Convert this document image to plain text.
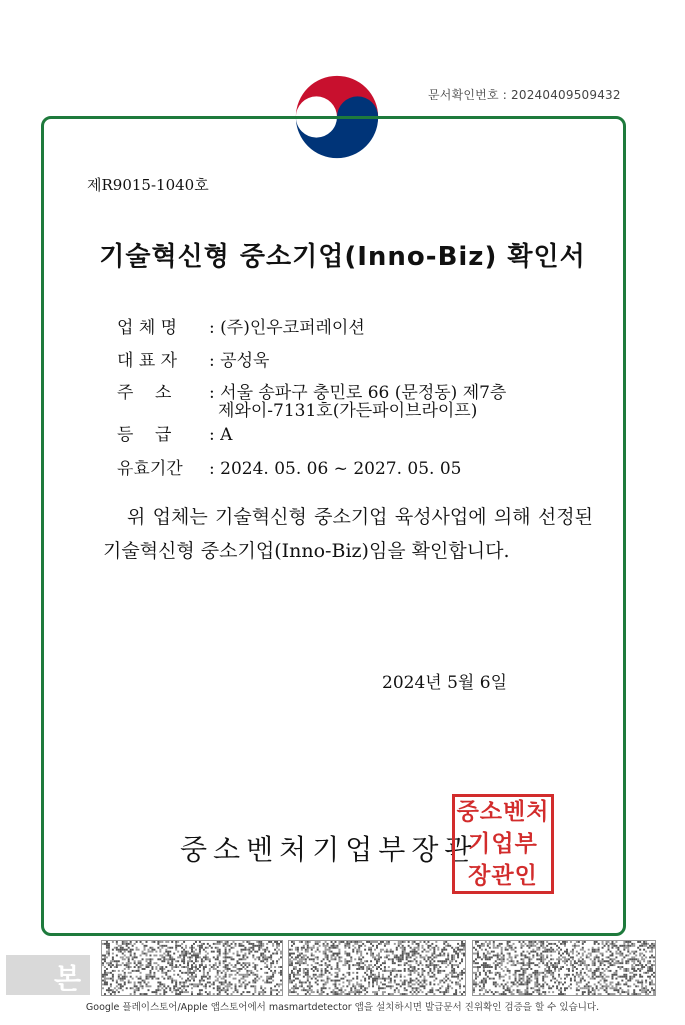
문서확인번호 : 20240409509432
제R9015-1040호
기술혁신형 중소기업(Inno-Biz) 확인서
업 체 명 : (주)인우코퍼레이션
대 표 자 : 공성욱
주    소 : 서울 송파구 충민로 66 (문정동) 제7층
제와이-7131호(가든파이브라이프)
등    급 : A
유효기간 : 2024. 05. 06 ~ 2027. 05. 05
위 업체는 기술혁신형 중소기업 육성사업에 의해 선정된 기술혁신형 중소기업(Inno-Biz)임을 확인합니다.
2024년 5월 6일
중소벤처기업부장관
중소벤처
기업부
장관인
본
Google 플레이스토어/Apple 앱스토어에서 masmartdetector 앱을 설치하시면 발급문서 진위확인 검증을 할 수 있습니다.
